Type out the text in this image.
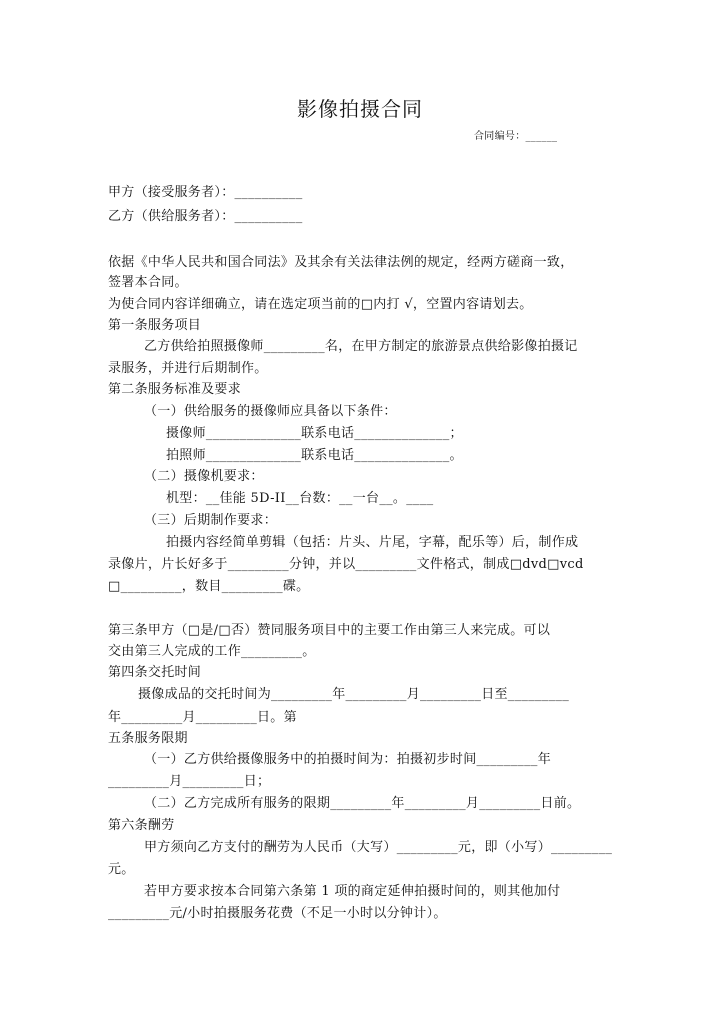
影像拍摄合同
合同编号：______
甲方（接受服务者）：__________
乙方（供给服务者）：__________
依据《中华人民共和国合同法》及其余有关法律法例的规定，经两方磋商一致，
签署本合同。
为使合同内容详细确立，请在选定项当前的□内打 √，空置内容请划去。
第一条服务项目
乙方供给拍照摄像师_________名，在甲方制定的旅游景点供给影像拍摄记
录服务，并进行后期制作。
第二条服务标准及要求
（一）供给服务的摄像师应具备以下条件：
摄像师______________联系电话______________；
拍照师______________联系电话______________。
（二）摄像机要求：
机型：__佳能 5D-II__台数：__一台__。____
（三）后期制作要求：
拍摄内容经简单剪辑（包括：片头、片尾，字幕，配乐等）后，制作成
录像片，片长好多于_________分钟，并以_________文件格式，制成□dvd□vcd
□_________，数目_________碟。
第三条甲方（□是/□否）赞同服务项目中的主要工作由第三人来完成。可以
交由第三人完成的工作_________。
第四条交托时间
摄像成品的交托时间为_________年_________月_________日至_________
年_________月_________日。第
五条服务限期
（一）乙方供给摄像服务中的拍摄时间为：拍摄初步时间_________年
_________月_________日；
（二）乙方完成所有服务的限期_________年_________月_________日前。
第六条酬劳
甲方须向乙方支付的酬劳为人民币（大写）_________元，即（小写）_________
元。
若甲方要求按本合同第六条第 1 项的商定延伸拍摄时间的，则其他加付
_________元/小时拍摄服务花费（不足一小时以分钟计）。
